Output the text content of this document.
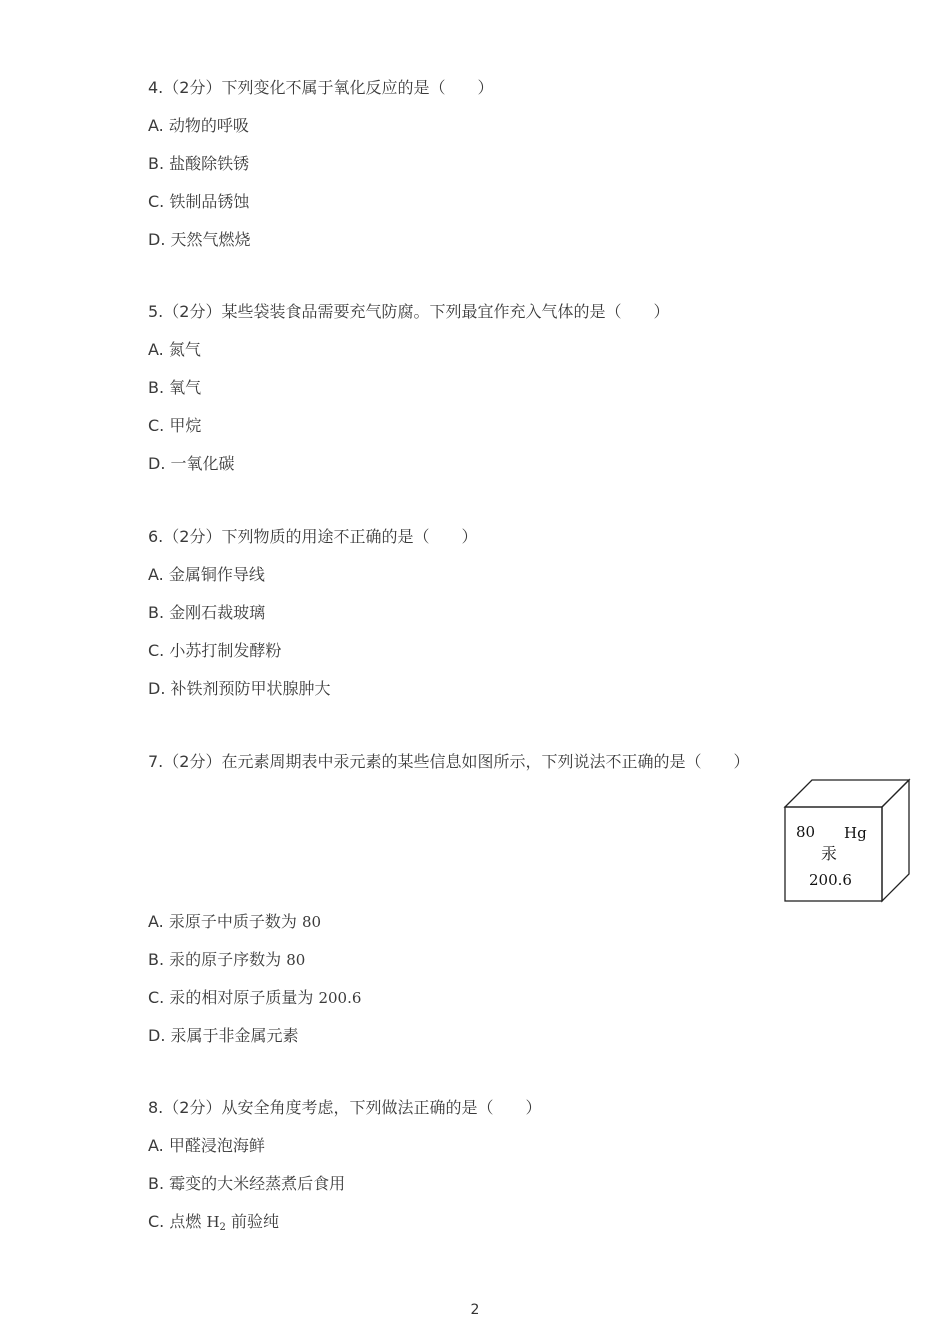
4.（2分）下列变化不属于氧化反应的是（　　）
A. 动物的呼吸
B. 盐酸除铁锈
C. 铁制品锈蚀
D. 天然气燃烧
5.（2分）某些袋装食品需要充气防腐。下列最宜作充入气体的是（　　）
A. 氮气
B. 氧气
C. 甲烷
D. 一氧化碳
6.（2分）下列物质的用途不正确的是（　　）
A. 金属铜作导线
B. 金刚石裁玻璃
C. 小苏打制发酵粉
D. 补铁剂预防甲状腺肿大
7.（2分）在元素周期表中汞元素的某些信息如图所示，下列说法不正确的是（　　）
80 Hg
汞
200.6
A. 汞原子中质子数为 80
B. 汞的原子序数为 80
C. 汞的相对原子质量为 200.6
D. 汞属于非金属元素
8.（2分）从安全角度考虑，下列做法正确的是（　　）
A. 甲醛浸泡海鲜
B. 霉变的大米经蒸煮后食用
C. 点燃 $H_2$ 前验纯
2
